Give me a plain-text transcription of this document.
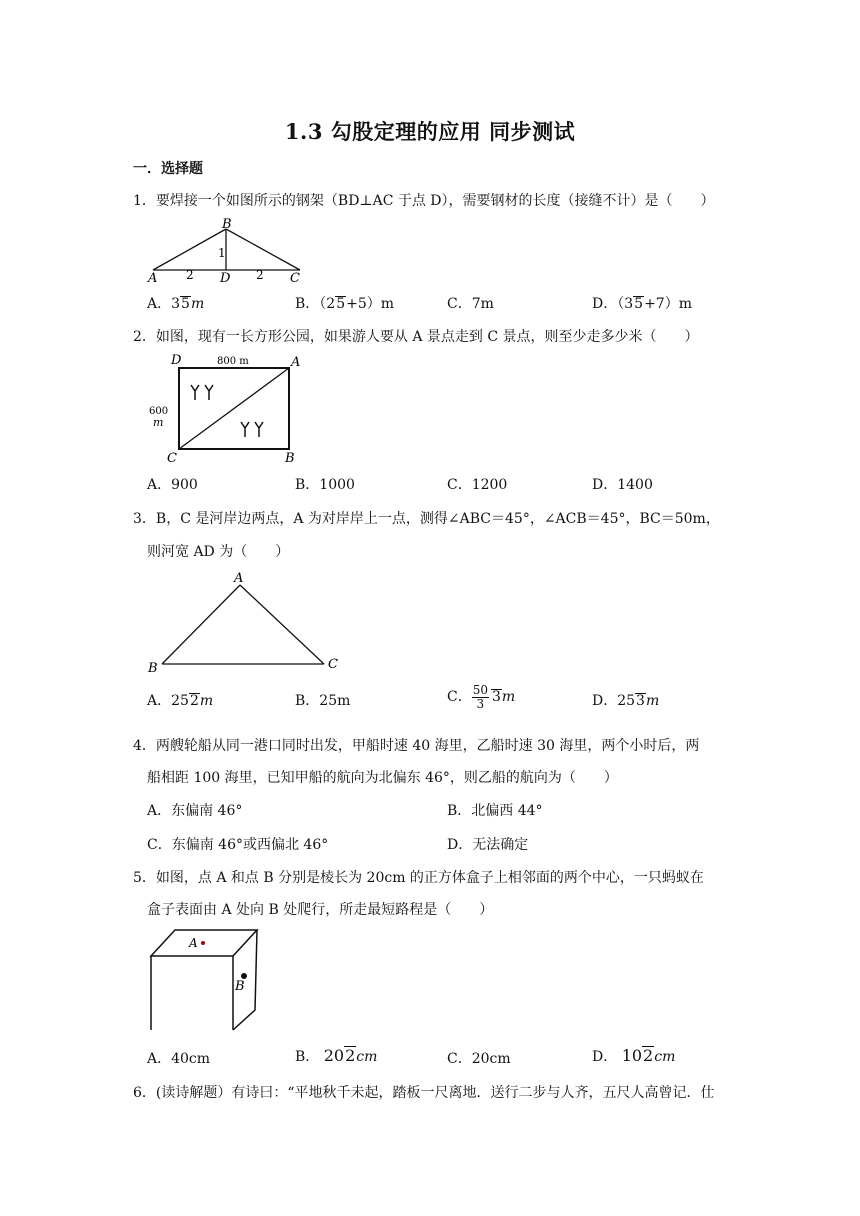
1.3 勾股定理的应用 同步测试
一．选择题
1．要焊接一个如图所示的钢架（BD⊥AC 于点 D），需要钢材的长度（接缝不计）是（　　）
B
1
A 2 D 2 C
A．35m	B．（25+5）m	C．7m	D．（35+7）m
2．如图，现有一长方形公园，如果游人要从 A 景点走到 C 景点，则至少走多少米（　　）
D	800 m	A
600
m
C	B
A．900	B．1000	C．1200	D．1400
3．B，C 是河岸边两点，A 为对岸岸上一点，测得∠ABC＝45°，∠ACB＝45°，BC＝50m，
则河宽 AD 为（　　）
A
B	C
A．252m	B．25m	C． $\frac{50}{3} 3m$	D．253m
4．两艘轮船从同一港口同时出发，甲船时速 40 海里，乙船时速 30 海里，两个小时后，两
船相距 100 海里，已知甲船的航向为北偏东 46°，则乙船的航向为（　　）
A．东偏南 46°	B．北偏西 44°
C．东偏南 46°或西偏北 46°	D．无法确定
5．如图，点 A 和点 B 分别是棱长为 20cm 的正方体盒子上相邻面的两个中心，一只蚂蚁在
盒子表面由 A 处向 B 处爬行，所走最短路程是（　　）
A
B
A．40cm	B． 202cm	C．20cm	D． 102cm
6．(读诗解题）有诗曰：“平地秋千未起，踏板一尺离地．送行二步与人齐，五尺人高曾记．仕
